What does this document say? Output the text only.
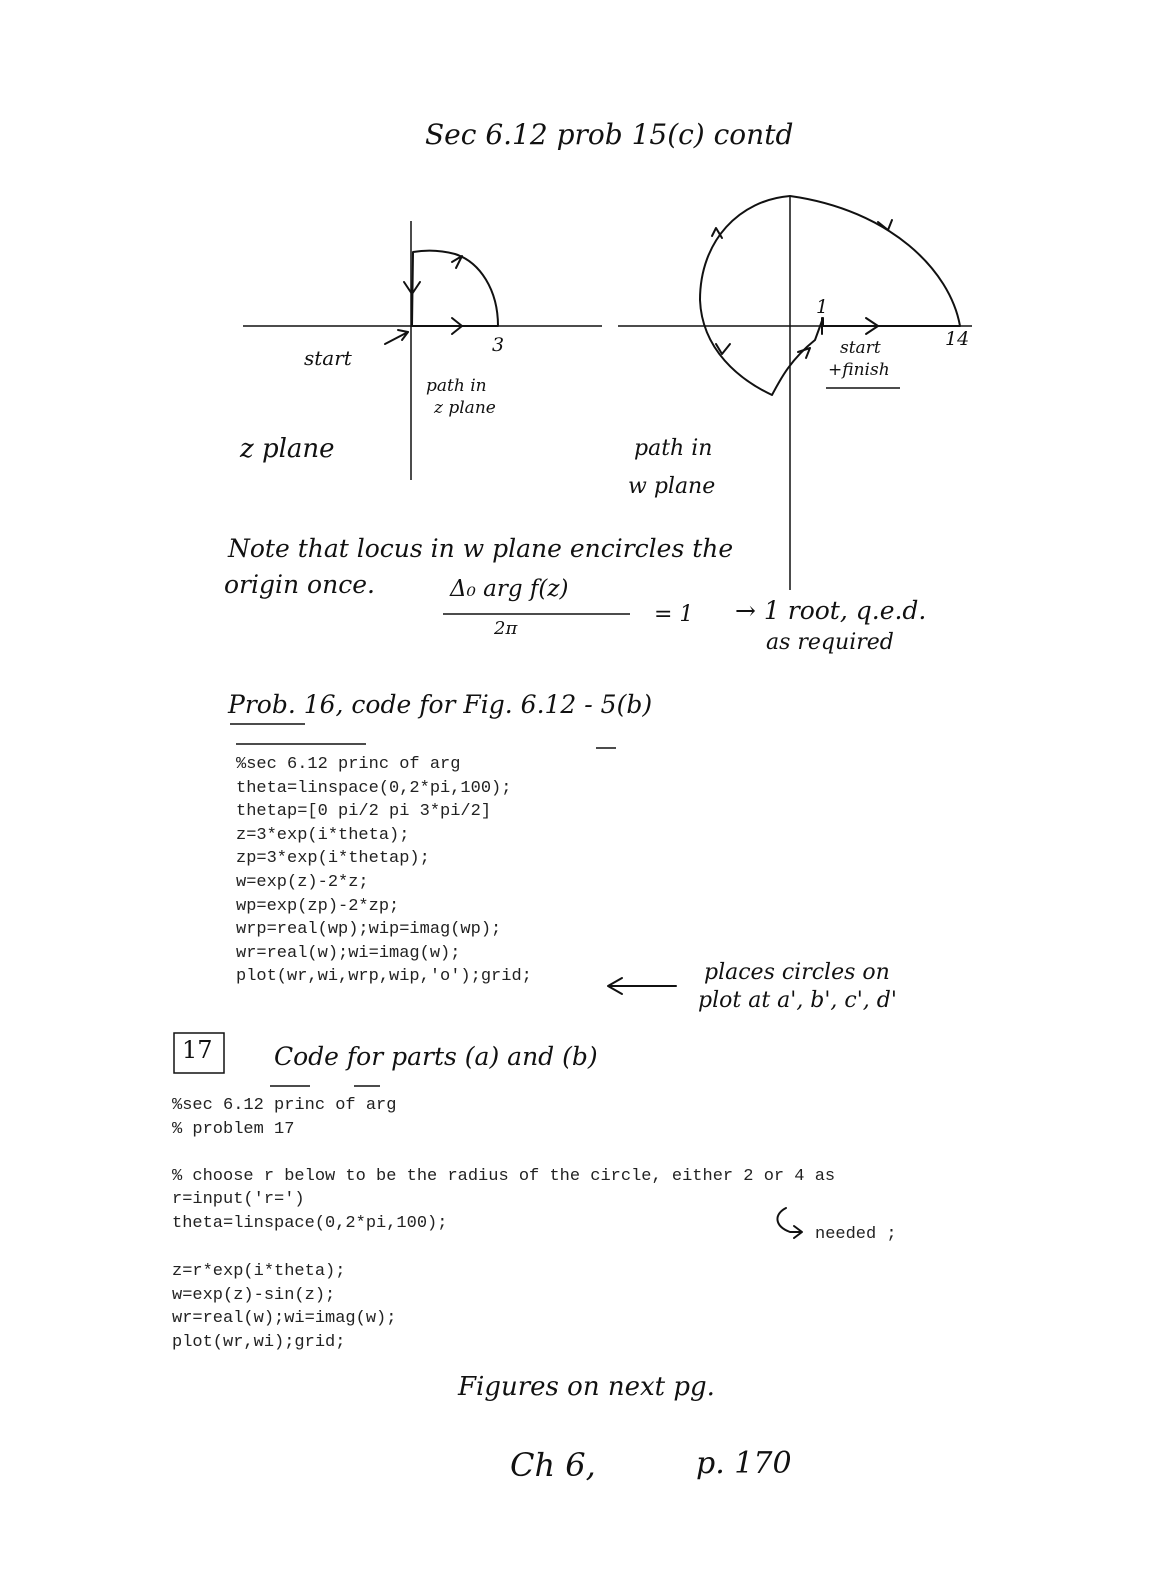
Sec 6.12 prob 15(c) contd
start
3
path in
z plane
z plane
1
14
start
+finish
path in
w plane
Note that locus in w plane encircles the
origin once.	Δ₀ arg f(z)
2π
= 1 → 1 root, q.e.d.
as required
Prob. 16, code for Fig. 6.12 - 5(b)
%sec 6.12 princ of arg
theta=linspace(0,2*pi,100);
thetap=[0 pi/2 pi 3*pi/2]
z=3*exp(i*theta);
zp=3*exp(i*thetap);
w=exp(z)-2*z;
wp=exp(zp)-2*zp;
wrp=real(wp);wip=imag(wp);
wr=real(w);wi=imag(w);
plot(wr,wi,wrp,wip,'o');grid;	places circles on
plot at a', b', c', d'
17 Code for parts (a) and (b)
%sec 6.12 princ of arg
% problem 17

% choose r below to be the radius of the circle, either 2 or 4 as
r=input('r=')
theta=linspace(0,2*pi,100);
needed ;
z=r*exp(i*theta);
w=exp(z)-sin(z);
wr=real(w);wi=imag(w);
plot(wr,wi);grid;
Figures on next pg.
Ch 6,	p. 170
